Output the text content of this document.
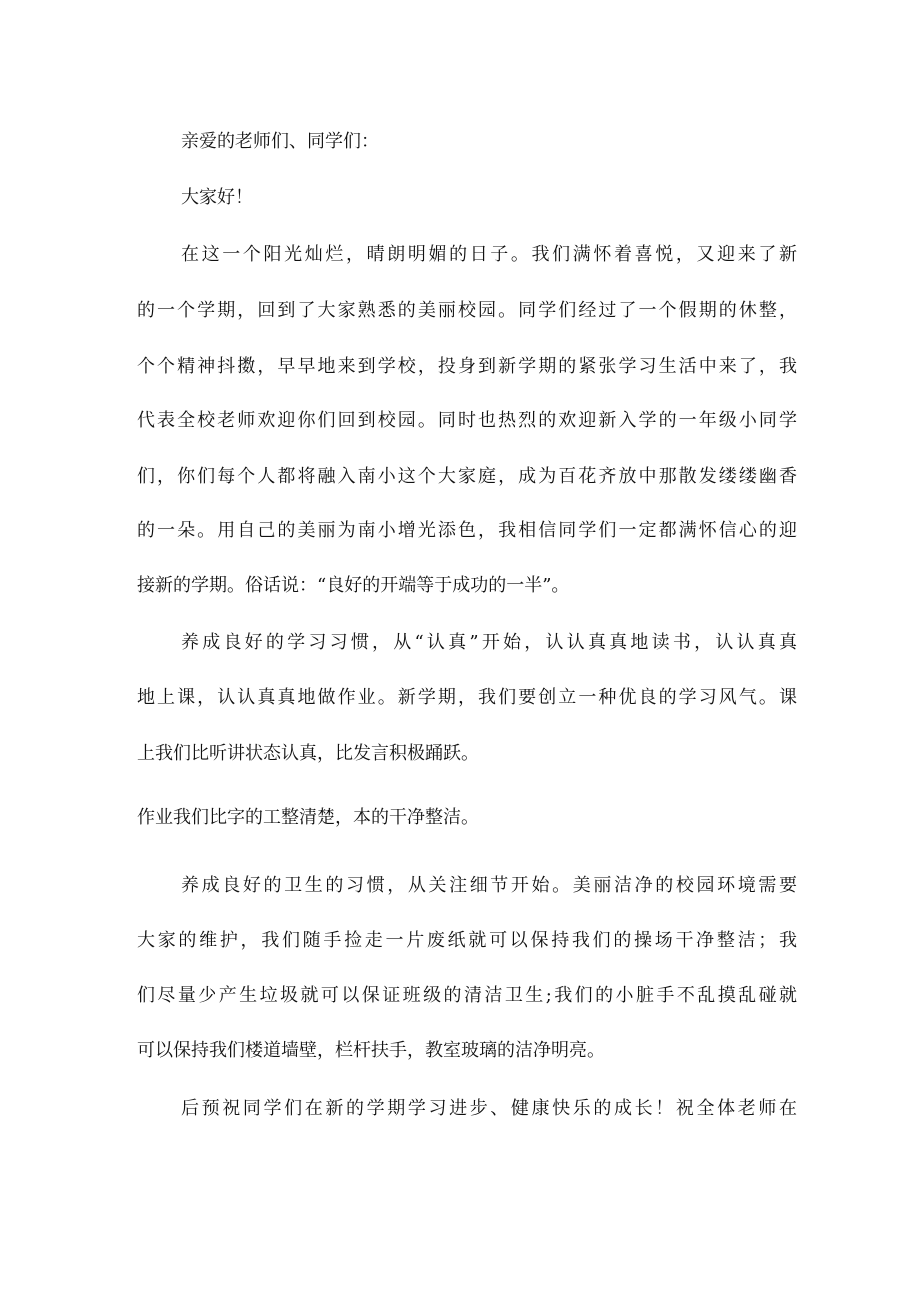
亲爱的老师们、同学们：
大家好！
在这一个阳光灿烂，晴朗明媚的日子。我们满怀着喜悦，又迎来了新
的一个学期，回到了大家熟悉的美丽校园。同学们经过了一个假期的休整，
个个精神抖擞，早早地来到学校，投身到新学期的紧张学习生活中来了，我
代表全校老师欢迎你们回到校园。同时也热烈的欢迎新入学的一年级小同学
们，你们每个人都将融入南小这个大家庭，成为百花齐放中那散发缕缕幽香
的一朵。用自己的美丽为南小增光添色，我相信同学们一定都满怀信心的迎
接新的学期。俗话说：“良好的开端等于成功的一半”。
养成良好的学习习惯，从“认真”开始，认认真真地读书，认认真真
地上课，认认真真地做作业。新学期，我们要创立一种优良的学习风气。课
上我们比听讲状态认真，比发言积极踊跃。
作业我们比字的工整清楚，本的干净整洁。
养成良好的卫生的习惯，从关注细节开始。美丽洁净的校园环境需要
大家的维护，我们随手捡走一片废纸就可以保持我们的操场干净整洁；我
们尽量少产生垃圾就可以保证班级的清洁卫生;我们的小脏手不乱摸乱碰就
可以保持我们楼道墙壁，栏杆扶手，教室玻璃的洁净明亮。
后预祝同学们在新的学期学习进步、健康快乐的成长！祝全体老师在
